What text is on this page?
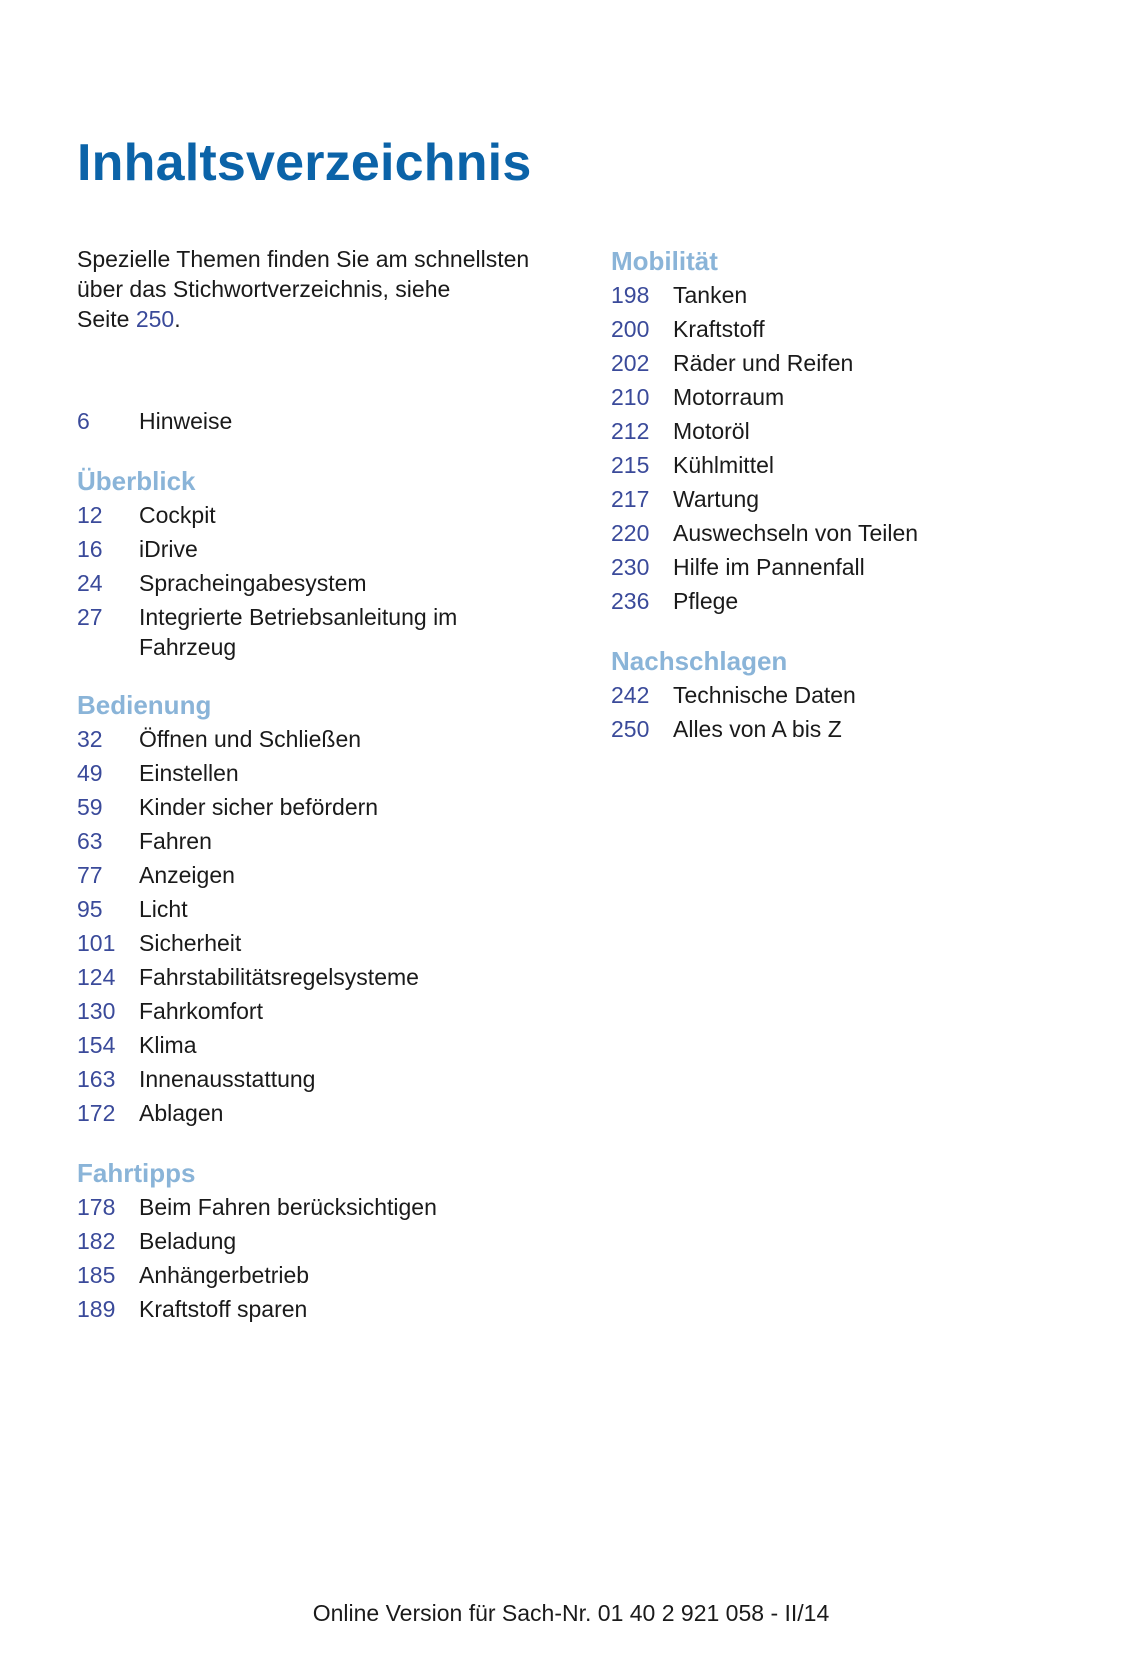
Inhaltsverzeichnis

Spezielle Themen finden Sie am schnellsten
über das Stichwortverzeichnis, siehe
Seite 250.

6	Hinweise
Überblick
12	Cockpit
16	iDrive
24	Spracheingabesystem
27	Integrierte Betriebsanleitung im Fahrzeug
Bedienung
32	Öffnen und Schließen
49	Einstellen
59	Kinder sicher befördern
63	Fahren
77	Anzeigen
95	Licht
101	Sicherheit
124	Fahrstabilitätsregelsysteme
130	Fahrkomfort
154	Klima
163	Innenausstattung
172	Ablagen
Fahrtipps
178	Beim Fahren berücksichtigen
182	Beladung
185	Anhängerbetrieb
189	Kraftstoff sparen
Mobilität
198	Tanken
200	Kraftstoff
202	Räder und Reifen
210	Motorraum
212	Motoröl
215	Kühlmittel
217	Wartung
220	Auswechseln von Teilen
230	Hilfe im Pannenfall
236	Pflege
Nachschlagen
242	Technische Daten
250	Alles von A bis Z
Online Version für Sach-Nr. 01 40 2 921 058 - II/14
